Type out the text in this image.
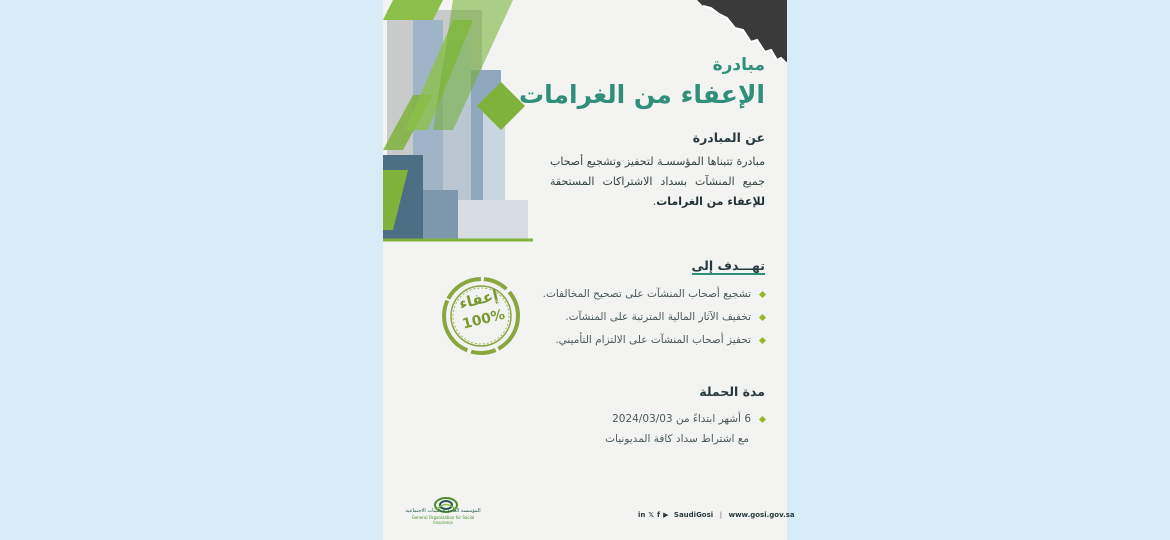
مبادرة
الإعفاء من الغرامات
عن المبادرة
مبادرة تتبناها المؤسسـة لتحفيز وتشجيع أصحاب جميع المنشآت بسداد الاشتراكات المستحقة للإعفاء من الغرامات.
تهـــدف إلى
تشجيع أصحاب المنشآت على تصحيح المخالفات.
تخفيف الآثار المالية المترتبة على المنشآت.
تحفيز أصحاب المنشآت على الالتزام التأميني.
إعفاء
100%
مدة الحملة
6 أشهر ابتداءً من 2024/03/03
مع اشتراط سداد كافة المديونيات
المؤسسة العامة للتأمينات الاجتماعية
General Organization for Social Insurance
in 𝕏 f ▶ SaudiGosi | www.gosi.gov.sa
